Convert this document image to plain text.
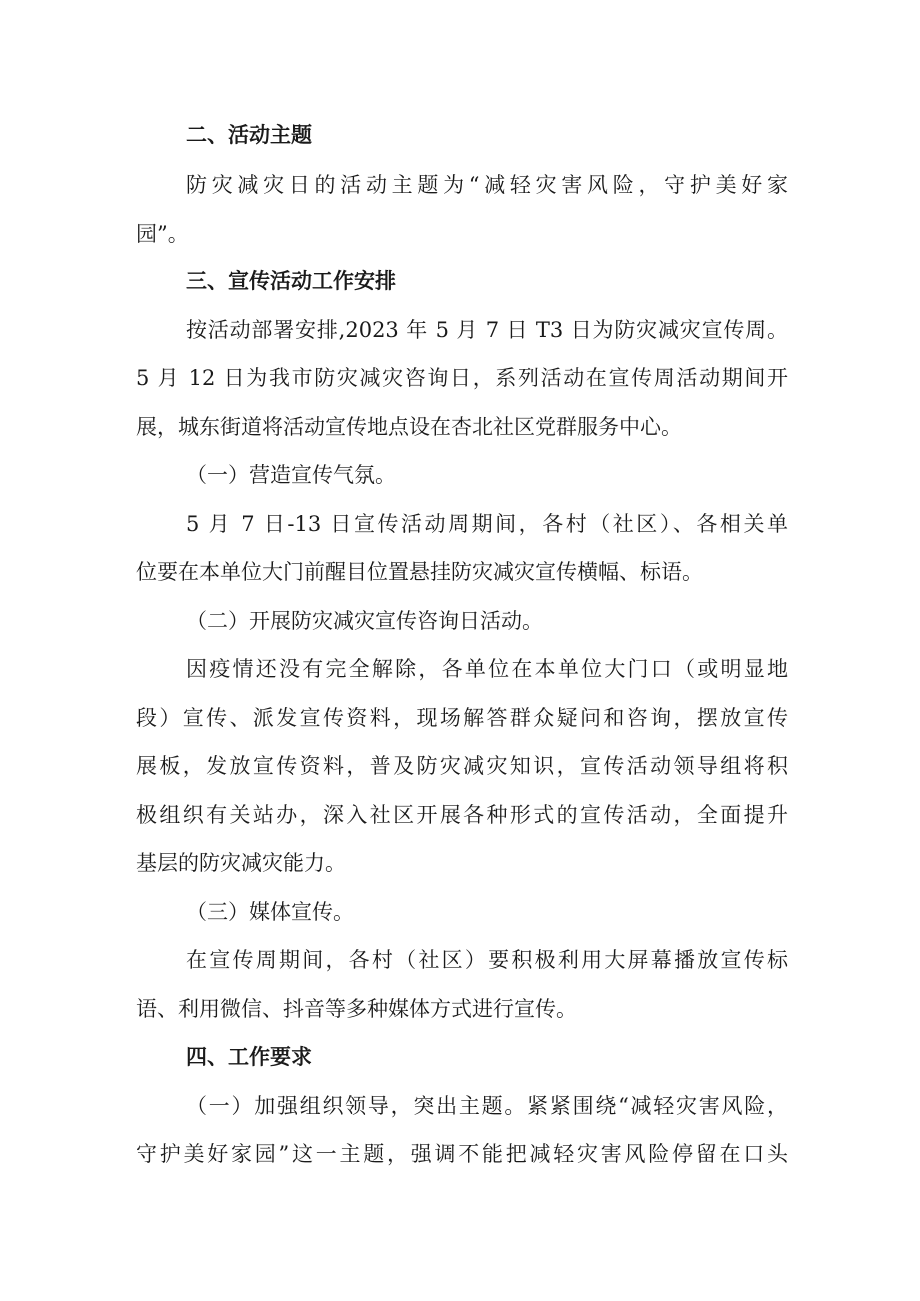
二、活动主题
防灾减灾日的活动主题为“减轻灾害风险，守护美好家
园”。
三、宣传活动工作安排
按活动部署安排,2023 年 5 月 7 日 T3 日为防灾减灾宣传周。
5 月 12 日为我市防灾减灾咨询日，系列活动在宣传周活动期间开
展，城东街道将活动宣传地点设在杏北社区党群服务中心。
（一）营造宣传气氛。
5 月 7 日-13 日宣传活动周期间，各村（社区）、各相关单
位要在本单位大门前醒目位置悬挂防灾减灾宣传横幅、标语。
（二）开展防灾减灾宣传咨询日活动。
因疫情还没有完全解除，各单位在本单位大门口（或明显地
段）宣传、派发宣传资料，现场解答群众疑问和咨询，摆放宣传
展板，发放宣传资料，普及防灾减灾知识，宣传活动领导组将积
极组织有关站办，深入社区开展各种形式的宣传活动，全面提升
基层的防灾减灾能力。
（三）媒体宣传。
在宣传周期间，各村（社区）要积极利用大屏幕播放宣传标
语、利用微信、抖音等多种媒体方式进行宣传。
四、工作要求
（一）加强组织领导，突出主题。紧紧围绕“减轻灾害风险，
守护美好家园”这一主题，强调不能把减轻灾害风险停留在口头
